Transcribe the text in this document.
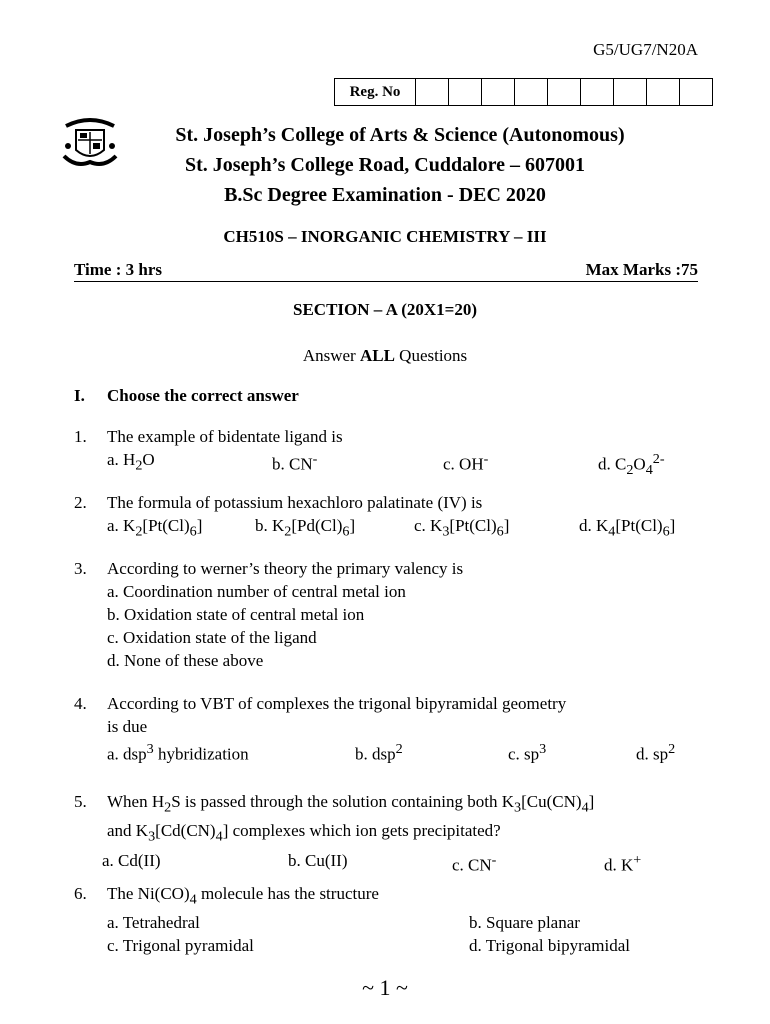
G5/UG7/N20A
Reg. No
St. Joseph’s College of Arts & Science (Autonomous)
St. Joseph’s College Road, Cuddalore – 607001
B.Sc Degree Examination - DEC 2020
CH510S – INORGANIC CHEMISTRY – III
Time : 3 hrs	Max Marks :75
SECTION – A (20X1=20)
Answer ALL Questions
I. Choose the correct answer
1.	The example of bidentate ligand is
a. $H_2O$	b. CN-	c. OH-	d. $C_2O_4^{2-}$
2.	The formula of potassium hexachloro palatinate (IV) is
a. $K_2[Pt(Cl)_6]$	b. $K_2[Pd(Cl)_6]$	c. $K_3[Pt(Cl)_6]$	d. $K_4[Pt(Cl)_6]$
3.	According to werner’s theory the primary valency is
a. Coordination number of central metal ion
b. Oxidation state of central metal ion
c. Oxidation state of the ligand
d. None of these above
4.	According to VBT of complexes the trigonal bipyramidal geometry
is due
a. dsp$^3$ hybridization	b. dsp$^2$	c. $sp^3$	d. $sp^2$
5.	When $H_2S$ is passed through the solution containing both $K_3[Cu(CN)_4]$
and $K_3[Cd(CN)_4]$ complexes which ion gets precipitated?
a. Cd(II)	b. Cu(II)	c. CN-	d. K+
6.	The $Ni(CO)_4$ molecule has the structure
a. Tetrahedral	b. Square planar
c. Trigonal pyramidal	d. Trigonal bipyramidal
~ 1 ~
